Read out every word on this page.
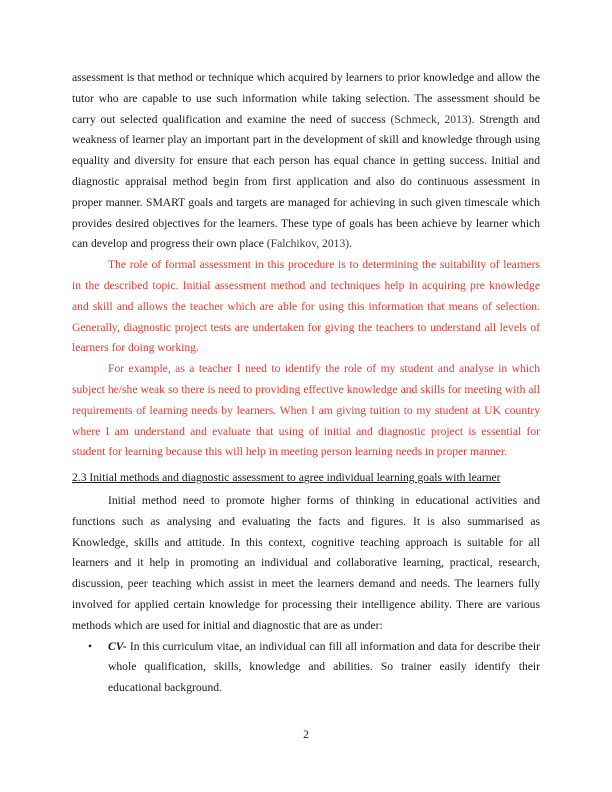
assessment is that method or technique which acquired by learners to prior knowledge and allow the tutor who are capable to use such information while taking selection. The assessment should be carry out selected qualification and examine the need of success (Schmeck, 2013). Strength and weakness of learner play an important part in the development of skill and knowledge through using equality and diversity for ensure that each person has equal chance in getting success. Initial and diagnostic appraisal method begin from first application and also do continuous assessment in proper manner. SMART goals and targets are managed for achieving in such given timescale which provides desired objectives for the learners. These type of goals has been achieve by learner which can develop and progress their own place (Falchikov, 2013).

The role of formal assessment in this procedure is to determining the suitability of learners in the described topic. Initial assessment method and techniques help in acquiring pre knowledge and skill and allows the teacher which are able for using this information that means of selection. Generally, diagnostic project tests are undertaken for giving the teachers to understand all levels of learners for doing working.

For example, as a teacher I need to identify the role of my student and analyse in which subject he/she weak so there is need to providing effective knowledge and skills for meeting with all requirements of learning needs by learners. When I am giving tuition to my student at UK country where I am understand and evaluate that using of initial and diagnostic project is essential for student for learning because this will help in meeting person learning needs in proper manner.

2.3 Initial methods and diagnostic assessment to agree individual learning goals with learner

Initial method need to promote higher forms of thinking in educational activities and functions such as analysing and evaluating the facts and figures. It is also summarised as Knowledge, skills and attitude. In this context, cognitive teaching approach is suitable for all learners and it help in promoting an individual and collaborative learning, practical, research, discussion, peer teaching which assist in meet the learners demand and needs. The learners fully involved for applied certain knowledge for processing their intelligence ability. There are various methods which are used for initial and diagnostic that are as under:

• CV- In this curriculum vitae, an individual can fill all information and data for describe their whole qualification, skills, knowledge and abilities. So trainer easily identify their educational background.
2
